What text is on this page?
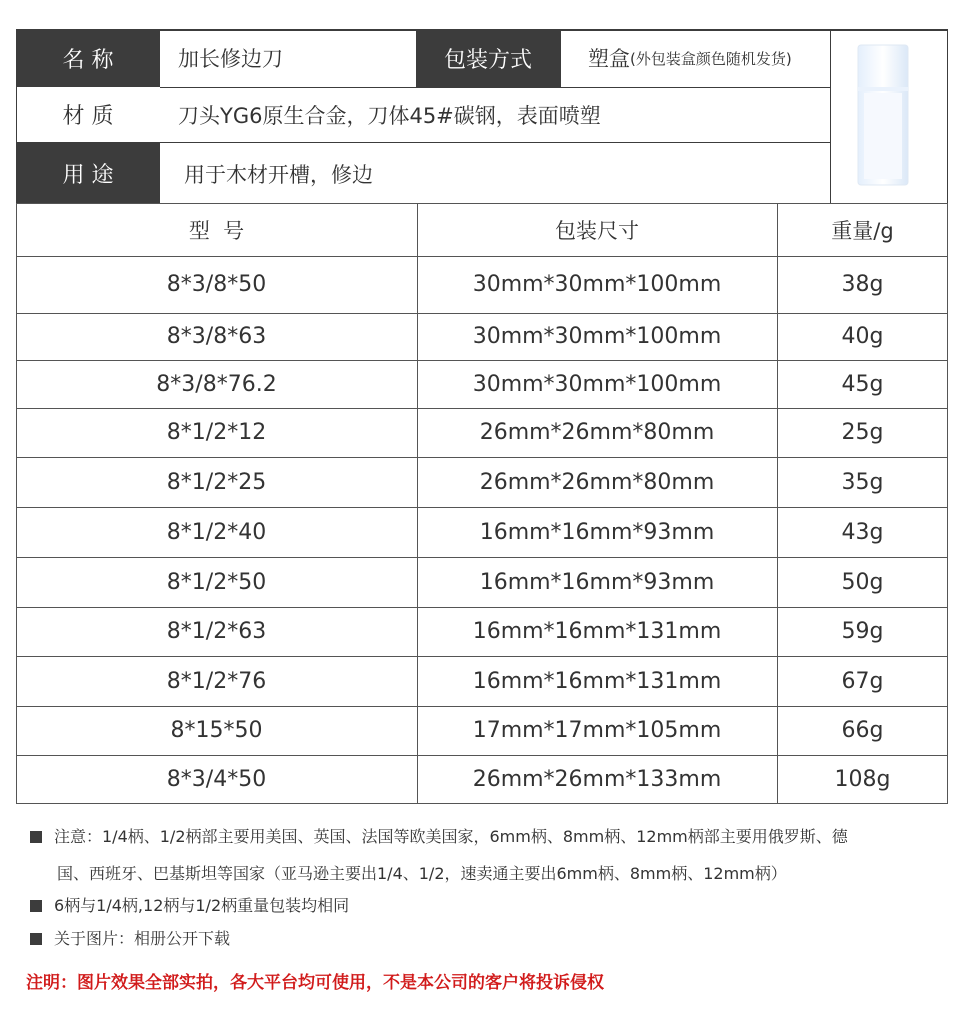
名 称	加长修边刀	包装方式	塑盒 (外包装盒颜色随机发货)
材 质	刀头YG6原生合金，刀体45#碳钢，表面喷塑
用 途	用于木材开槽，修边
型  号	包装尺寸	重量/g
8*3/8*50	30mm*30mm*100mm	38g
8*3/8*63	30mm*30mm*100mm	40g
8*3/8*76.2	30mm*30mm*100mm	45g
8*1/2*12	26mm*26mm*80mm	25g
8*1/2*25	26mm*26mm*80mm	35g
8*1/2*40	16mm*16mm*93mm	43g
8*1/2*50	16mm*16mm*93mm	50g
8*1/2*63	16mm*16mm*131mm	59g
8*1/2*76	16mm*16mm*131mm	67g
8*15*50	17mm*17mm*105mm	66g
8*3/4*50	26mm*26mm*133mm	108g
注意：1/4柄、1/2柄部主要用美国、英国、法国等欧美国家，6mm柄、8mm柄、12mm柄部主要用俄罗斯、德
国、西班牙、巴基斯坦等国家（亚马逊主要出1/4、1/2，速卖通主要出6mm柄、8mm柄、12mm柄）
6柄与1/4柄,12柄与1/2柄重量包装均相同
关于图片：相册公开下载
注明：图片效果全部实拍，各大平台均可使用，不是本公司的客户将投诉侵权
